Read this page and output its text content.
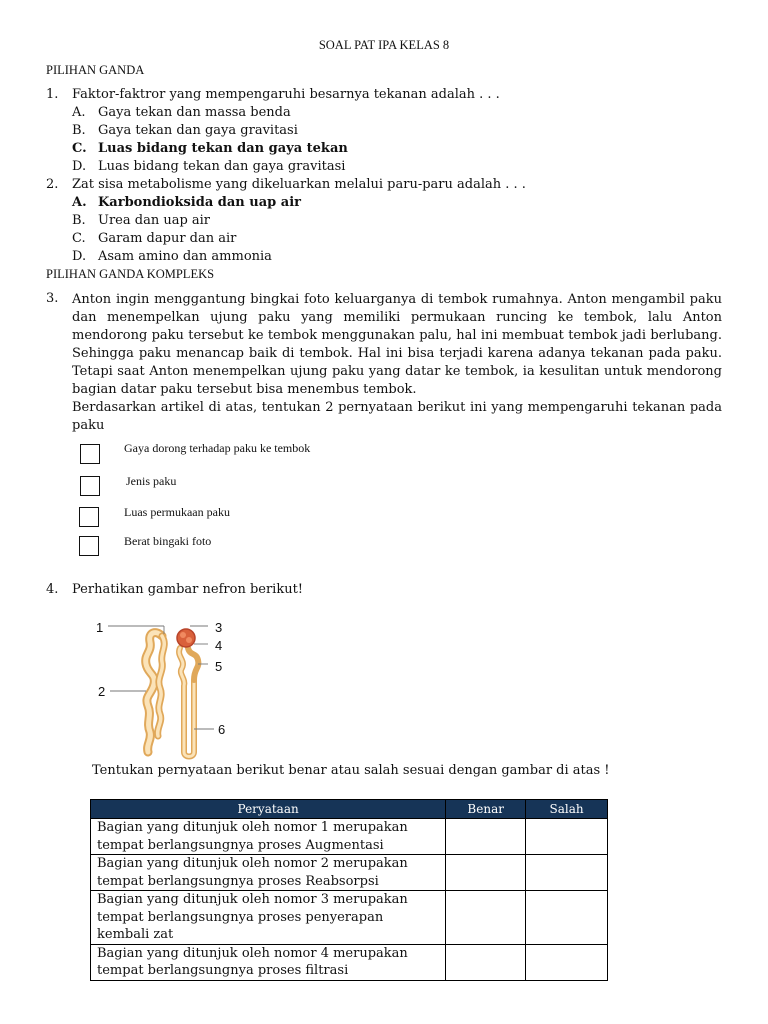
SOAL PAT IPA KELAS 8
PILIHAN GANDA
1. Faktor-faktror yang mempengaruhi besarnya tekanan adalah . . .
A. Gaya tekan dan massa benda
B. Gaya tekan dan gaya gravitasi
C. Luas bidang tekan dan gaya tekan
D. Luas bidang tekan dan gaya gravitasi
2. Zat sisa metabolisme yang dikeluarkan melalui paru-paru adalah . . .
A. Karbondioksida dan uap air
B. Urea dan uap air
C. Garam dapur dan air
D. Asam amino dan ammonia
PILIHAN GANDA KOMPLEKS
3. Anton ingin menggantung bingkai foto keluarganya di tembok rumahnya. Anton mengambil paku dan menempelkan ujung paku yang memiliki permukaan runcing ke tembok, lalu Anton mendorong paku tersebut ke tembok menggunakan palu, hal ini membuat tembok jadi berlubang. Sehingga paku menancap baik di tembok. Hal ini bisa terjadi karena adanya tekanan pada paku. Tetapi saat Anton menempelkan ujung paku yang datar ke tembok, ia kesulitan untuk mendorong bagian datar paku tersebut bisa menembus tembok.

Berdasarkan artikel di atas, tentukan 2 pernyataan berikut ini yang mempengaruhi tekanan pada paku

Gaya dorong terhadap paku ke tembok
Jenis paku
Luas permukaan paku
Berat bingaki foto
4. Perhatikan gambar nefron berikut!
1
2
3
4
5
6
Tentukan pernyataan berikut benar atau salah sesuai dengan gambar di atas !
Peryataan	Benar	Salah
Bagian yang ditunjuk oleh nomor 1 merupakan tempat berlangsungnya proses Augmentasi		
Bagian yang ditunjuk oleh nomor 2 merupakan tempat berlangsungnya proses Reabsorpsi		
Bagian yang ditunjuk oleh nomor 3 merupakan tempat berlangsungnya proses penyerapan kembali zat		
Bagian yang ditunjuk oleh nomor 4 merupakan tempat berlangsungnya proses filtrasi		
